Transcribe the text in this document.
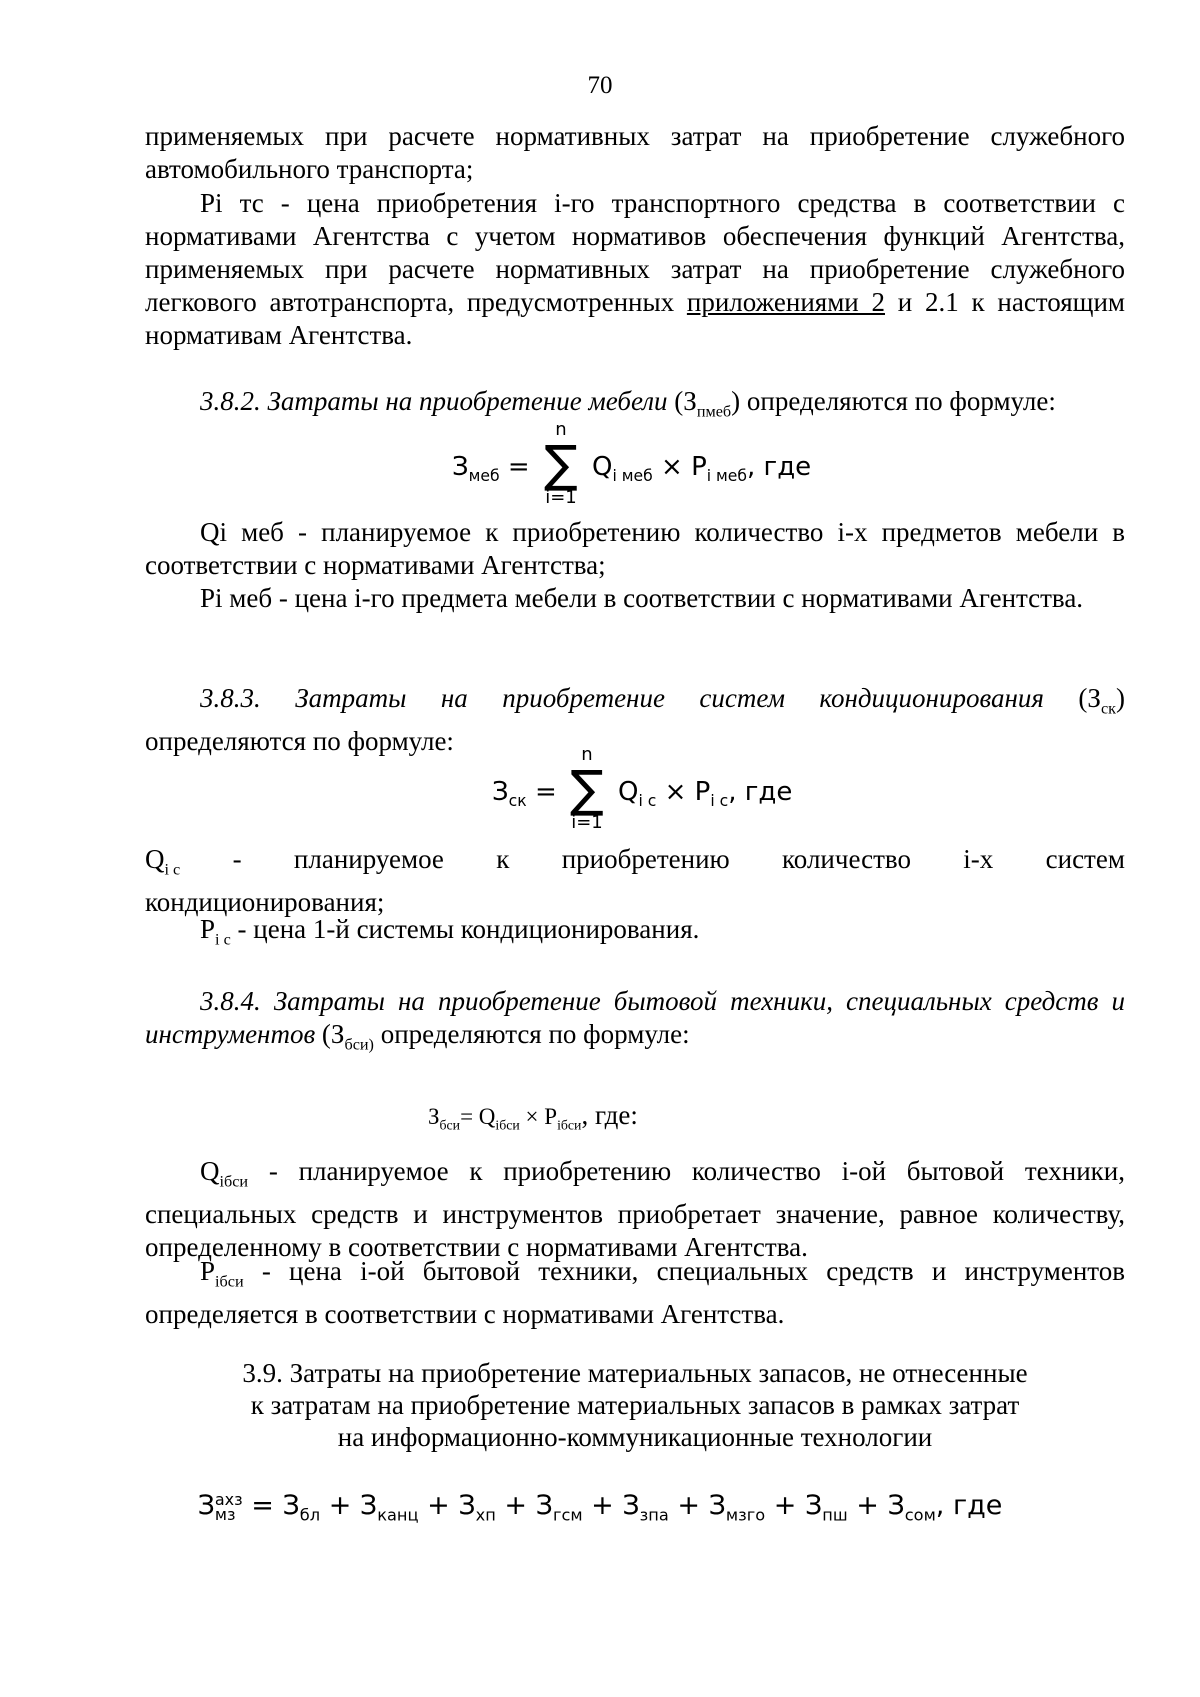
70

применяемых при расчете нормативных затрат на приобретение служебного

автомобильного транспорта;

Pi тс - цена приобретения i-го транспортного средства в соответствии с нормативами Агентства с учетом нормативов обеспечения функций Агентства, применяемых при расчете нормативных затрат на приобретение служебного легкового автотранспорта, предусмотренных приложениями 2 и 2.1 к настоящим нормативам Агентства.

3.8.2. Затраты на приобретение мебели $(З_{пмеб})$ определяются по формуле:

$З_{меб}$ =
n
∑
i=1
$Q_{i меб} \times P_{i меб}$, где

Qi меб - планируемое к приобретению количество i-х предметов мебели в соответствии с нормативами Агентства;

Pi меб - цена i-го предмета мебели в соответствии с нормативами Агентства.

3.8.3. Затраты на приобретение систем кондиционирования $(З_{ск})$

определяются по формуле:

$З_{ск}$ =
n
∑
i=1
$Q_{i с} \times P_{i с}$, где
$Q_{i с}$ - планируемое к приобретению количество i-х систем

кондиционирования;

$P_{i с}$ - цена 1-й системы кондиционирования.

3.8.4. Затраты на приобретение бытовой техники, специальных средств и инструментов ($З_{бси)}$ определяются по формуле:

$З_{бси}= Q_{iбси} \times P_{iбси}$, где:

$Q_{iбси}$ - планируемое к приобретению количество i-ой бытовой техники, специальных средств и инструментов приобретает значение, равное количеству, определенному в соответствии с нормативами Агентства.

$P_{iбси}$ - цена i-ой бытовой техники, специальных средств и инструментов определяется в соответствии с нормативами Агентства.

3.9. Затраты на приобретение материальных запасов, не отнесенные

к затратам на приобретение материальных запасов в рамках затрат

на информационно-коммуникационные технологии

З ахз
мз = $З_{бл} + З_{канц} + З_{хп} + З_{гсм} + З_{зпа} + З_{мзго} + З_{пш} + З_{сом}$, где
